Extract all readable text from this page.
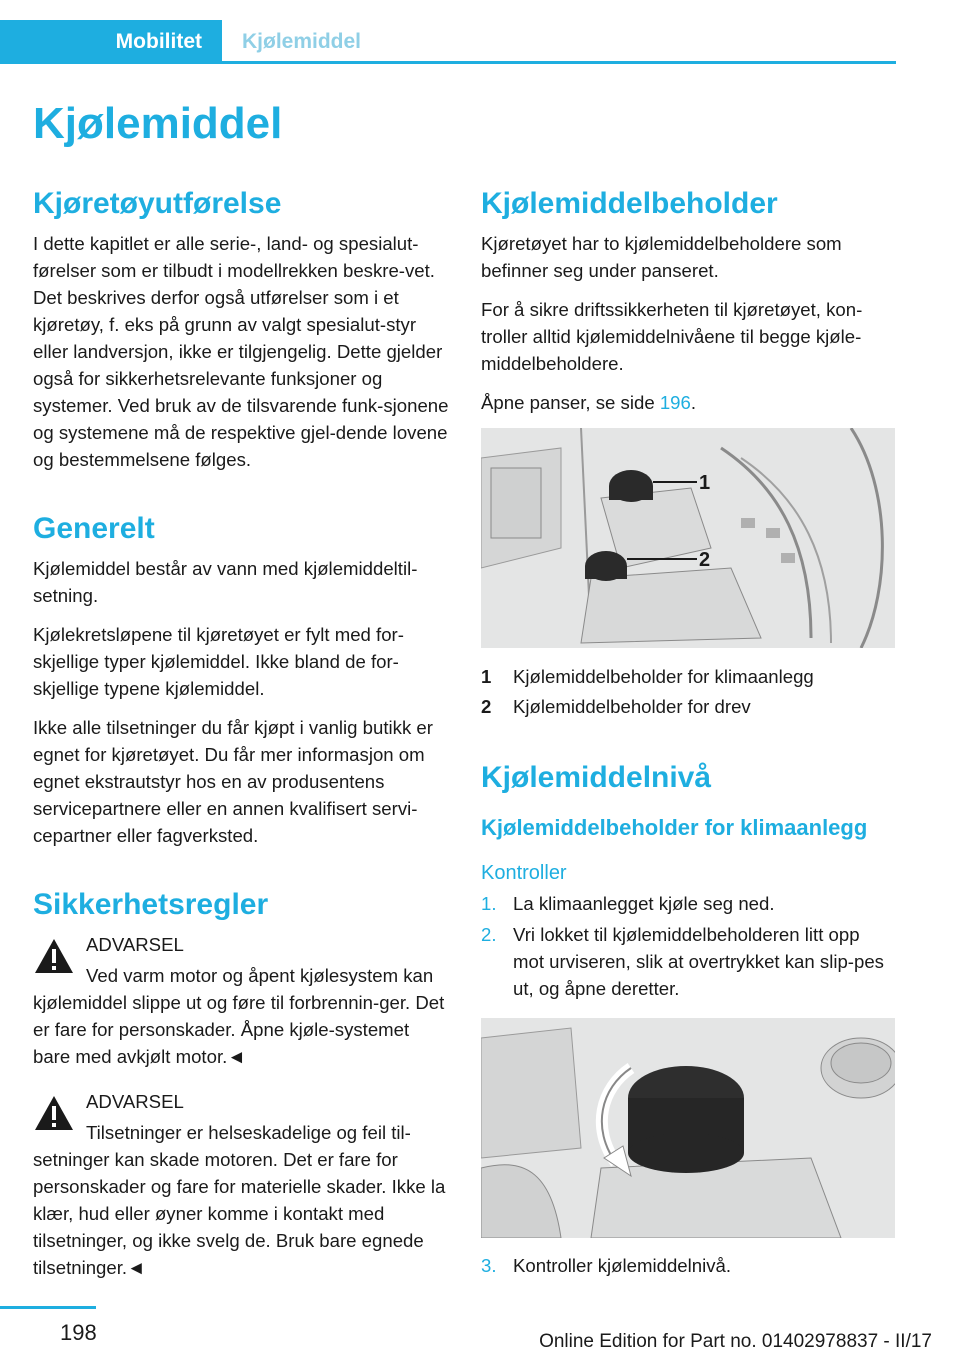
Mobilitet	Kjølemiddel
Kjølemiddel
Kjøretøyutførelse

I dette kapitlet er alle serie-, land- og spesialut-førelser som er tilbudt i modellrekken beskre-vet. Det beskrives derfor også utførelser som i et kjøretøy, f. eks på grunn av valgt spesialut-styr eller landversjon, ikke er tilgjengelig. Dette gjelder også for sikkerhetsrelevante funksjoner og systemer. Ved bruk av de tilsvarende funk-sjonene og systemene må de respektive gjel-dende lovene og bestemmelsene følges.

Generelt

Kjølemiddel består av vann med kjølemiddeltil-setning.

Kjølekretsløpene til kjøretøyet er fylt med for-skjellige typer kjølemiddel. Ikke bland de for-skjellige typene kjølemiddel.

Ikke alle tilsetninger du får kjøpt i vanlig butikk er egnet for kjøretøyet. Du får mer informasjon om egnet ekstrautstyr hos en av produsentens servicepartnere eller en annen kvalifisert servi-cepartner eller fagverksted.

Sikkerhetsregler
ADVARSEL
Ved varm motor og åpent kjølesystem kan kjølemiddel slippe ut og føre til forbrennin-ger. Det er fare for personskader. Åpne kjøle-systemet bare med avkjølt motor.◄
ADVARSEL
Tilsetninger er helseskadelige og feil til-setninger kan skade motoren. Det er fare for personskader og fare for materielle skader. Ikke la klær, hud eller øyner komme i kontakt med tilsetninger, og ikke svelg de. Bruk bare egnede tilsetninger.◄
Kjølemiddelbeholder

Kjøretøyet har to kjølemiddelbeholdere som befinner seg under panseret.

For å sikre driftssikkerheten til kjøretøyet, kon-troller alltid kjølemiddelnivåene til begge kjøle-middelbeholdere.

Åpne panser, se side 196.

1
2
1	Kjølemiddelbeholder for klimaanlegg
2	Kjølemiddelbeholder for drev
Kjølemiddelnivå
Kjølemiddelbeholder for klimaanlegg
Kontroller
1. La klimaanlegget kjøle seg ned.
2. Vri lokket til kjølemiddelbeholderen litt opp mot urviseren, slik at overtrykket kan slip-pes ut, og åpne deretter.
3. Kontroller kjølemiddelnivå.
198	Online Edition for Part no. 01402978837 - II/17
